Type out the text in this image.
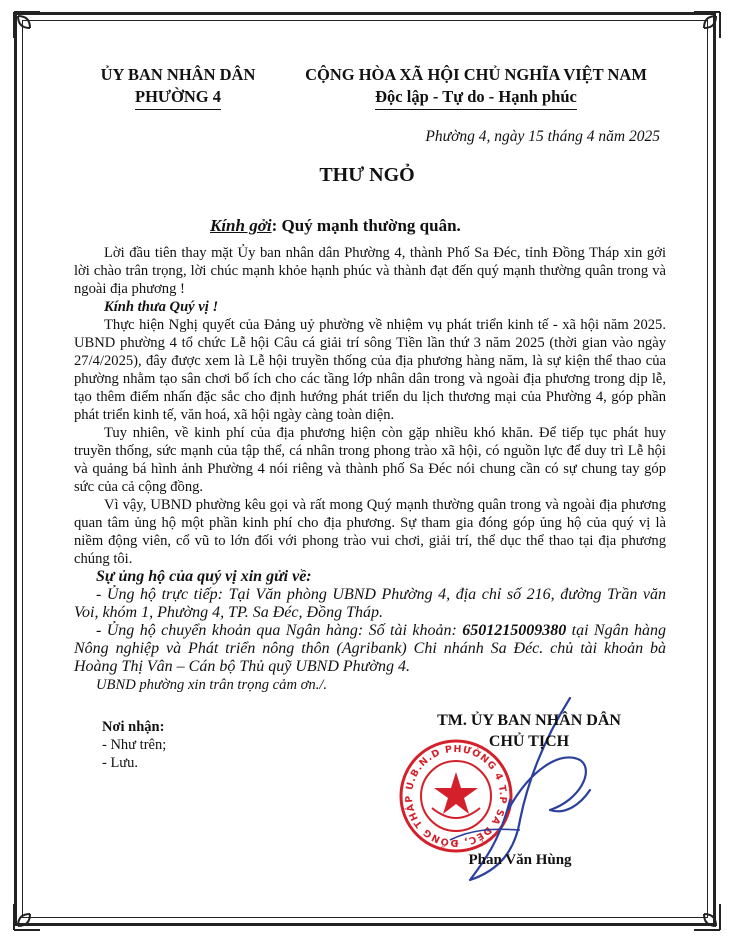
ỦY BAN NHÂN DÂN
PHƯỜNG 4
CỘNG HÒA XÃ HỘI CHỦ NGHĨA VIỆT NAM
Độc lập - Tự do - Hạnh phúc
Phường 4, ngày 15 tháng 4 năm 2025
THƯ NGỎ
Kính gởi: Quý mạnh thường quân.

Lời đầu tiên thay mặt Ủy ban nhân dân Phường 4, thành Phố Sa Đéc, tỉnh Đồng Tháp xin gởi lời chào trân trọng, lời chúc mạnh khỏe hạnh phúc và thành đạt đến quý mạnh thường quân trong và ngoài địa phương !

Kính thưa Quý vị !

Thực hiện Nghị quyết của Đảng uỷ phường về nhiệm vụ phát triển kinh tế - xã hội năm 2025. UBND phường 4 tổ chức Lễ hội Câu cá giải trí sông Tiền lần thứ 3 năm 2025 (thời gian vào ngày 27/4/2025), đây được xem là Lễ hội truyền thống của địa phương hàng năm, là sự kiện thể thao của phường nhằm tạo sân chơi bổ ích cho các tầng lớp nhân dân trong và ngoài địa phương trong dịp lễ, tạo thêm điểm nhấn đặc sắc cho định hướng phát triển du lịch thương mại của Phường 4, góp phần phát triển kinh tế, văn hoá, xã hội ngày càng toàn diện.

Tuy nhiên, về kinh phí của địa phương hiện còn gặp nhiều khó khăn. Để tiếp tục phát huy truyền thống, sức mạnh của tập thể, cá nhân trong phong trào xã hội, có nguồn lực để duy trì Lễ hội và quảng bá hình ảnh Phường 4 nói riêng và thành phố Sa Đéc nói chung cần có sự chung tay góp sức của cả cộng đồng.

Vì vậy, UBND phường kêu gọi và rất mong Quý mạnh thường quân trong và ngoài địa phương quan tâm ủng hộ một phần kinh phí cho địa phương. Sự tham gia đóng góp ủng hộ của quý vị là niềm động viên, cổ vũ to lớn đối với phong trào vui chơi, giải trí, thể dục thể thao tại địa phương chúng tôi.

Sự ủng hộ của quý vị xin gửi về:

- Ủng hộ trực tiếp: Tại Văn phòng UBND Phường 4, địa chỉ số 216, đường Trần văn Voi, khóm 1, Phường 4, TP. Sa Đéc, Đồng Tháp.

- Ủng hộ chuyển khoản qua Ngân hàng: Số tài khoản: 6501215009380 tại Ngân hàng Nông nghiệp và Phát triển nông thôn (Agribank) Chi nhánh Sa Đéc. chủ tài khoản bà Hoàng Thị Vân – Cán bộ Thủ quỹ UBND Phường 4.

UBND phường xin trân trọng cảm ơn./.

Nơi nhận:
- Như trên;
- Lưu.
U.B.N.D PHƯỜNG 4 T.P SA ĐÉC, ĐỒNG THÁP
TM. ỦY BAN NHÂN DÂN
CHỦ TỊCH
Phan Văn Hùng
